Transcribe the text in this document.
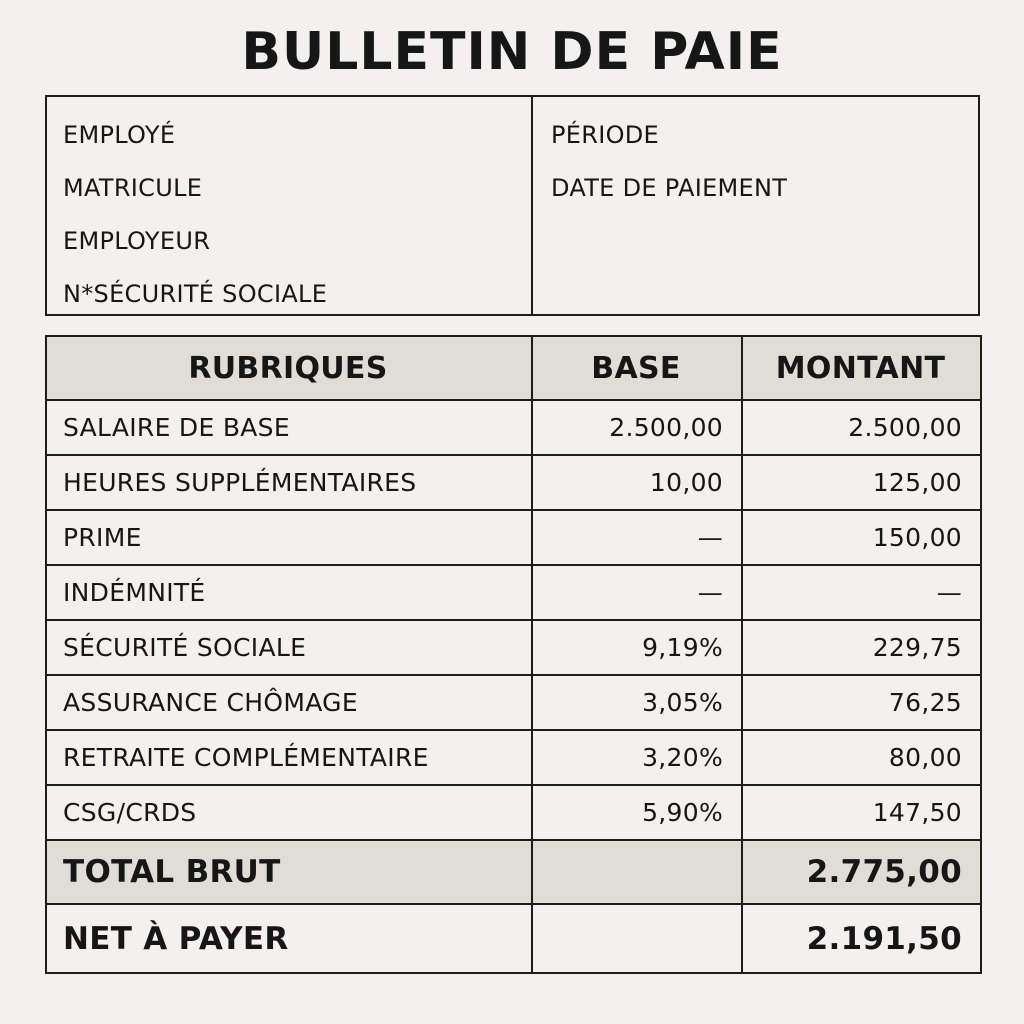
BULLETIN DE PAIE
EMPLOYÉ
MATRICULE
EMPLOYEUR
N*SÉCURITÉ SOCIALE
PÉRIODE
DATE DE PAIEMENT
RUBRIQUES	BASE	MONTANT
SALAIRE DE BASE	2.500,00	2.500,00
HEURES SUPPLÉMENTAIRES	10,00	125,00
PRIME	—	150,00
INDÉMNITÉ	—	—
SÉCURITÉ SOCIALE	9,19%	229,75
ASSURANCE CHÔMAGE	3,05%	76,25
RETRAITE COMPLÉMENTAIRE	3,20%	80,00
CSG/CRDS	5,90%	147,50
TOTAL BRUT		2.775,00
NET À PAYER		2.191,50
